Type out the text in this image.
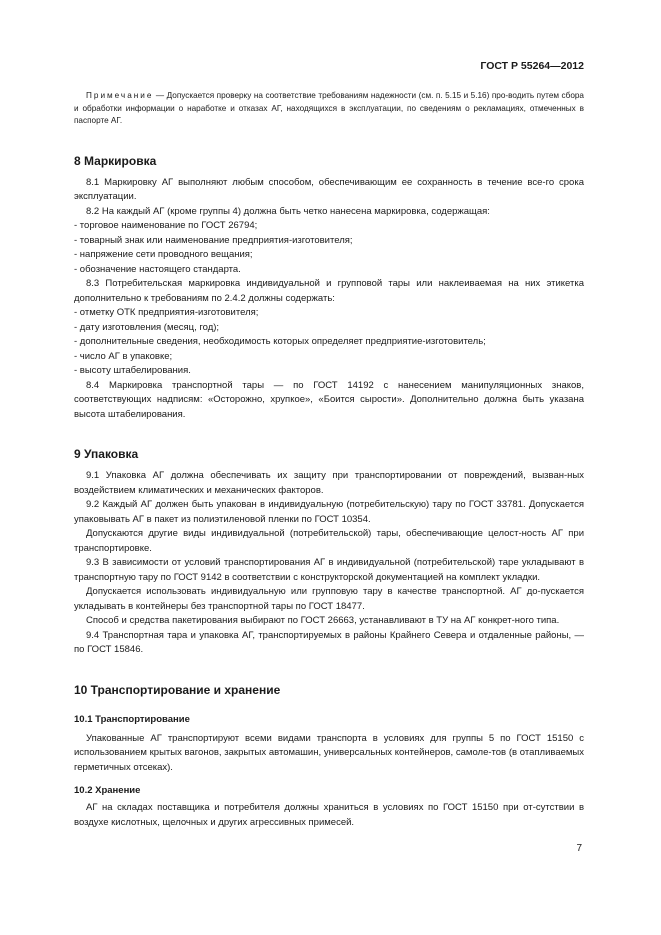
ГОСТ Р 55264—2012

Примечание — Допускается проверку на соответствие требованиям надежности (см. п. 5.15 и 5.16) про-водить путем сбора и обработки информации о наработке и отказах АГ, находящихся в эксплуатации, по сведениям о рекламациях, отмеченных в паспорте АГ.

8 Маркировка

8.1 Маркировку АГ выполняют любым способом, обеспечивающим ее сохранность в течение все-го срока эксплуатации.

8.2 На каждый АГ (кроме группы 4) должна быть четко нанесена маркировка, содержащая:

- торговое наименование по ГОСТ 26794;
- товарный знак или наименование предприятия-изготовителя;
- напряжение сети проводного вещания;
- обозначение настоящего стандарта.

8.3 Потребительская маркировка индивидуальной и групповой тары или наклеиваемая на них этикетка дополнительно к требованиям по 2.4.2 должны содержать:

- отметку ОТК предприятия-изготовителя;
- дату изготовления (месяц, год);
- дополнительные сведения, необходимость которых определяет предприятие-изготовитель;
- число АГ в упаковке;
- высоту штабелирования.

8.4 Маркировка транспортной тары — по ГОСТ 14192 с нанесением манипуляционных знаков, соответствующих надписям: «Осторожно, хрупкое», «Боится сырости». Дополнительно должна быть указана высота штабелирования.

9 Упаковка

9.1 Упаковка АГ должна обеспечивать их защиту при транспортировании от повреждений, вызван-ных воздействием климатических и механических факторов.

9.2 Каждый АГ должен быть упакован в индивидуальную (потребительскую) тару по ГОСТ 33781. Допускается упаковывать АГ в пакет из полиэтиленовой пленки по ГОСТ 10354.

Допускаются другие виды индивидуальной (потребительской) тары, обеспечивающие целост-ность АГ при транспортировке.

9.3 В зависимости от условий транспортирования АГ в индивидуальной (потребительской) таре укладывают в транспортную тару по ГОСТ 9142 в соответствии с конструкторской документацией на комплект укладки.

Допускается использовать индивидуальную или групповую тару в качестве транспортной. АГ до-пускается укладывать в контейнеры без транспортной тары по ГОСТ 18477.

Способ и средства пакетирования выбирают по ГОСТ 26663, устанавливают в ТУ на АГ конкрет-ного типа.

9.4 Транспортная тара и упаковка АГ, транспортируемых в районы Крайнего Севера и отдаленные районы, — по ГОСТ 15846.

10 Транспортирование и хранение
10.1 Транспортирование

Упакованные АГ транспортируют всеми видами транспорта в условиях для группы 5 по ГОСТ 15150 с использованием крытых вагонов, закрытых автомашин, универсальных контейнеров, самоле-тов (в отапливаемых герметичных отсеках).

10.2 Хранение

АГ на складах поставщика и потребителя должны храниться в условиях по ГОСТ 15150 при от-сутствии в воздухе кислотных, щелочных и других агрессивных примесей.

7
